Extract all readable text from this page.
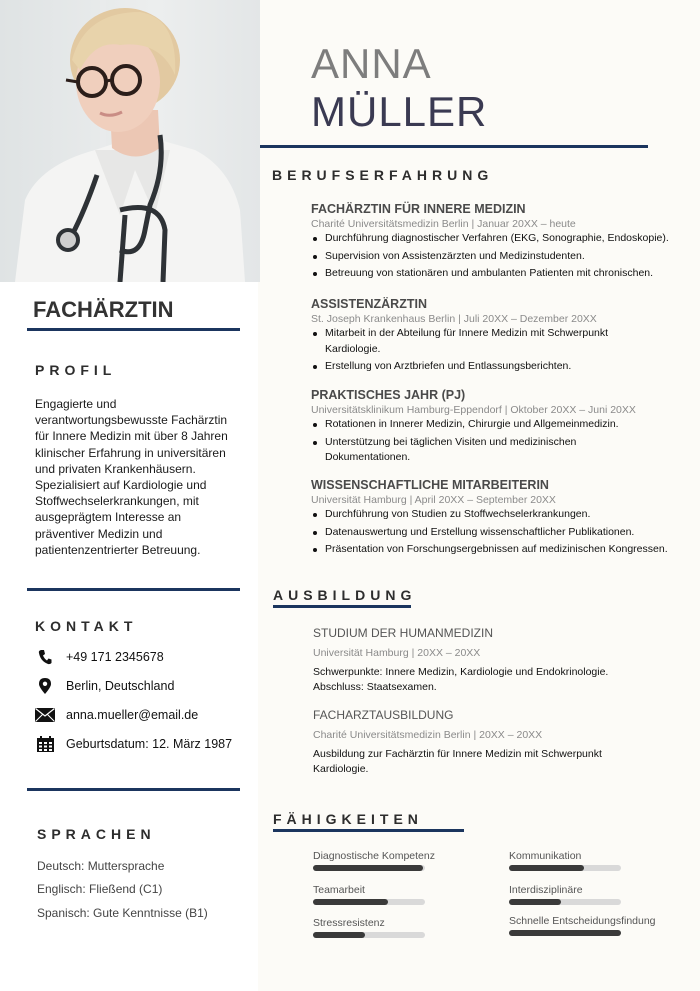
FACHÄRZTIN
PROFIL
Engagierte und verantwortungsbewusste Fachärztin für Innere Medizin mit über 8 Jahren klinischer Erfahrung in universitären und privaten Krankenhäusern. Spezialisiert auf Kardiologie und Stoffwechselerkrankungen, mit ausgeprägtem Interesse an präventiver Medizin und patientenzentrierter Betreuung.
KONTAKT
+49 171 2345678
Berlin, Deutschland
anna.mueller@email.de
Geburtsdatum: 12. März 1987
SPRACHEN
Deutsch: Muttersprache
Englisch: Fließend (C1)
Spanisch: Gute Kenntnisse (B1)
ANNA
MÜLLER
BERUFSERFAHRUNG
FACHÄRZTIN FÜR INNERE MEDIZIN
Charité Universitätsmedizin Berlin | Januar 20XX – heute
Durchführung diagnostischer Verfahren (EKG, Sonographie, Endoskopie).
Supervision von Assistenzärzten und Medizinstudenten.
Betreuung von stationären und ambulanten Patienten mit chronischen.
ASSISTENZÄRZTIN
St. Joseph Krankenhaus Berlin | Juli 20XX – Dezember 20XX
Mitarbeit in der Abteilung für Innere Medizin mit Schwerpunkt Kardiologie.
Erstellung von Arztbriefen und Entlassungsberichten.
PRAKTISCHES JAHR (PJ)
Universitätsklinikum Hamburg-Eppendorf | Oktober 20XX – Juni 20XX
Rotationen in Innerer Medizin, Chirurgie und Allgemeinmedizin.
Unterstützung bei täglichen Visiten und medizinischen Dokumentationen.
WISSENSCHAFTLICHE MITARBEITERIN
Universität Hamburg | April 20XX – September 20XX
Durchführung von Studien zu Stoffwechselerkrankungen.
Datenauswertung und Erstellung wissenschaftlicher Publikationen.
Präsentation von Forschungsergebnissen auf medizinischen Kongressen.
AUSBILDUNG
STUDIUM DER HUMANMEDIZIN
Universität Hamburg | 20XX – 20XX
Schwerpunkte: Innere Medizin, Kardiologie und Endokrinologie. Abschluss: Staatsexamen.
FACHARZTAUSBILDUNG
Charité Universitätsmedizin Berlin | 20XX – 20XX
Ausbildung zur Fachärztin für Innere Medizin mit Schwerpunkt Kardiologie.
FÄHIGKEITEN
Diagnostische Kompetenz	Kommunikation
Teamarbeit	Interdisziplinäre
Stressresistenz	Schnelle Entscheidungsfindung
